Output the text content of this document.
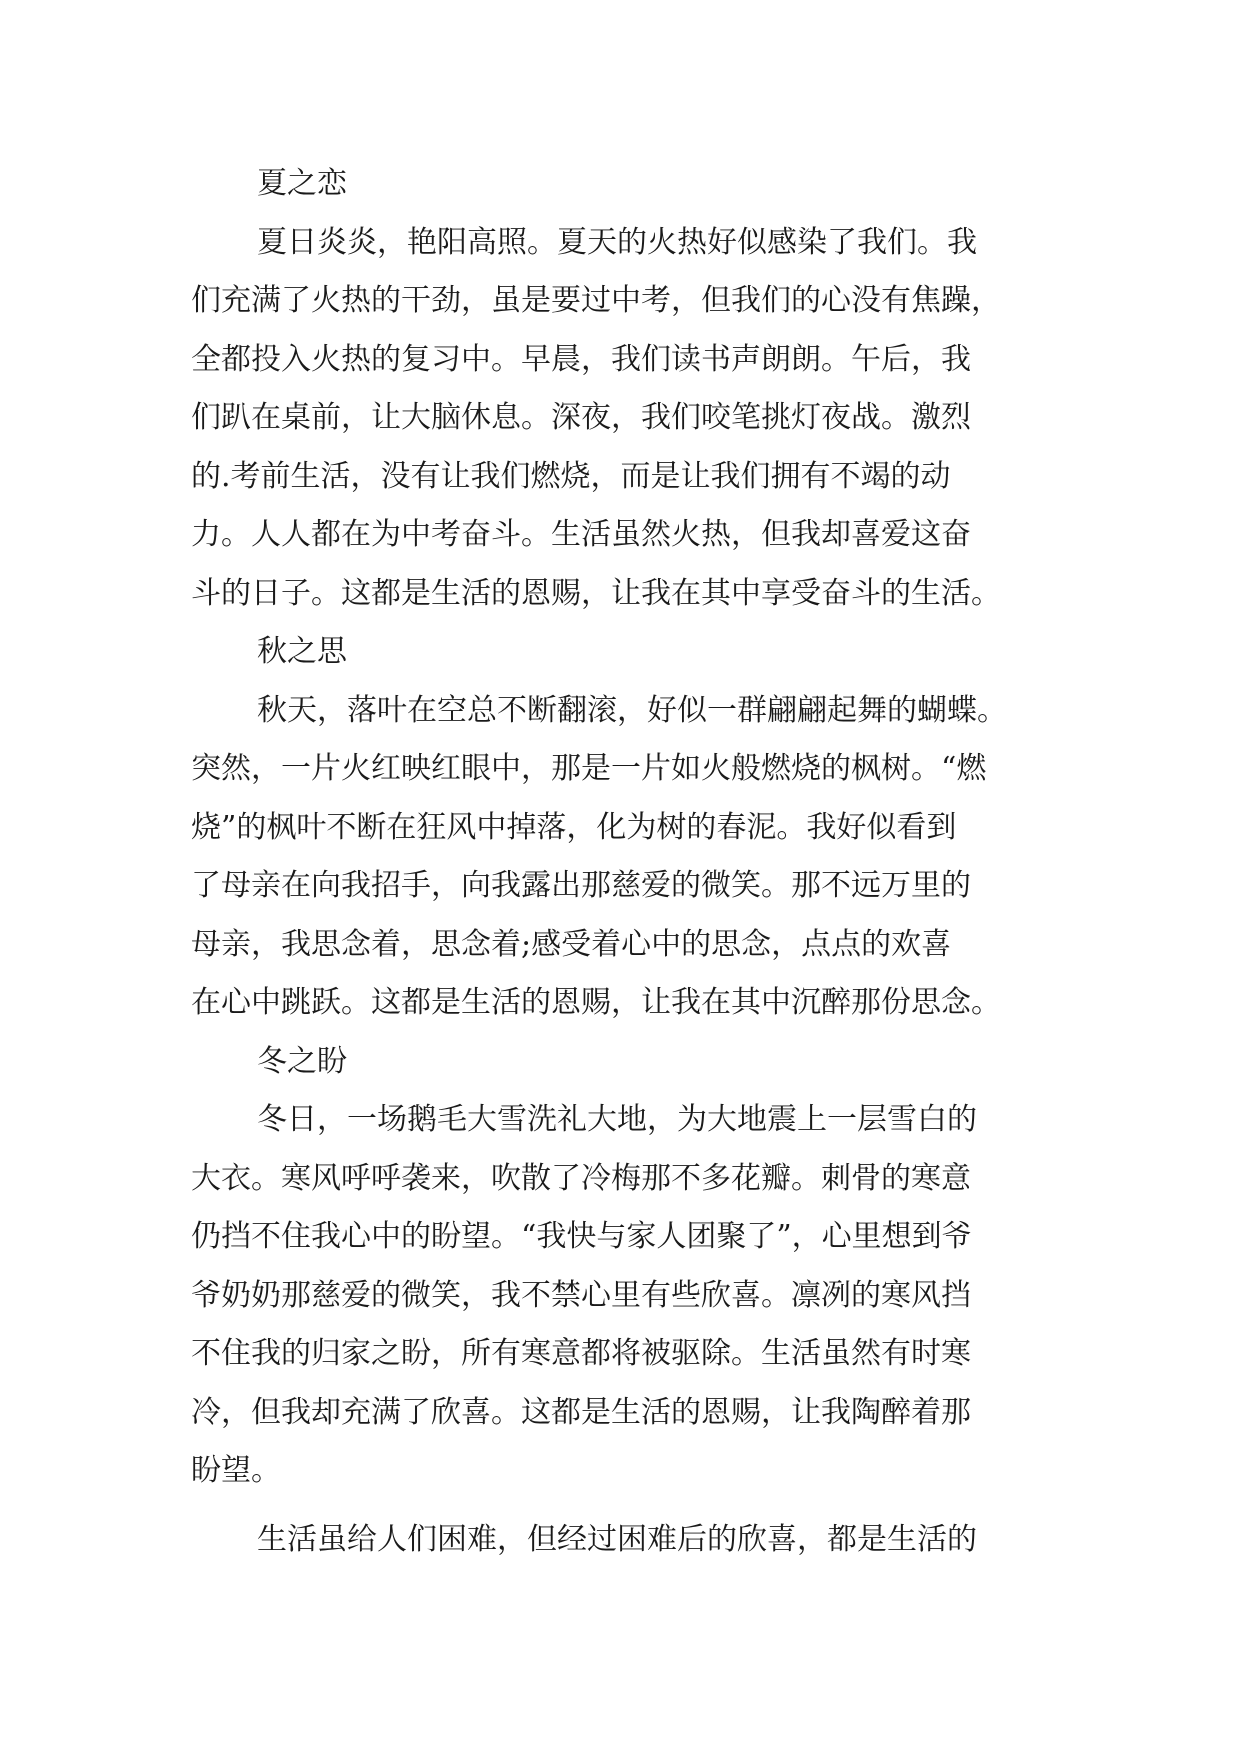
夏之恋
夏日炎炎，艳阳高照。夏天的火热好似感染了我们。我
们充满了火热的干劲，虽是要过中考，但我们的心没有焦躁，
全都投入火热的复习中。早晨，我们读书声朗朗。午后，我
们趴在桌前，让大脑休息。深夜，我们咬笔挑灯夜战。激烈
的.考前生活，没有让我们燃烧，而是让我们拥有不竭的动
力。人人都在为中考奋斗。生活虽然火热，但我却喜爱这奋
斗的日子。这都是生活的恩赐，让我在其中享受奋斗的生活。
秋之思
秋天，落叶在空总不断翻滚，好似一群翩翩起舞的蝴蝶。
突然，一片火红映红眼中，那是一片如火般燃烧的枫树。“燃
烧”的枫叶不断在狂风中掉落，化为树的春泥。我好似看到
了母亲在向我招手，向我露出那慈爱的微笑。那不远万里的
母亲，我思念着，思念着;感受着心中的思念，点点的欢喜
在心中跳跃。这都是生活的恩赐，让我在其中沉醉那份思念。
冬之盼
冬日，一场鹅毛大雪洗礼大地，为大地震上一层雪白的
大衣。寒风呼呼袭来，吹散了冷梅那不多花瓣。刺骨的寒意
仍挡不住我心中的盼望。“我快与家人团聚了”，心里想到爷
爷奶奶那慈爱的微笑，我不禁心里有些欣喜。凛冽的寒风挡
不住我的归家之盼，所有寒意都将被驱除。生活虽然有时寒
冷，但我却充满了欣喜。这都是生活的恩赐，让我陶醉着那
盼望。
生活虽给人们困难，但经过困难后的欣喜，都是生活的
